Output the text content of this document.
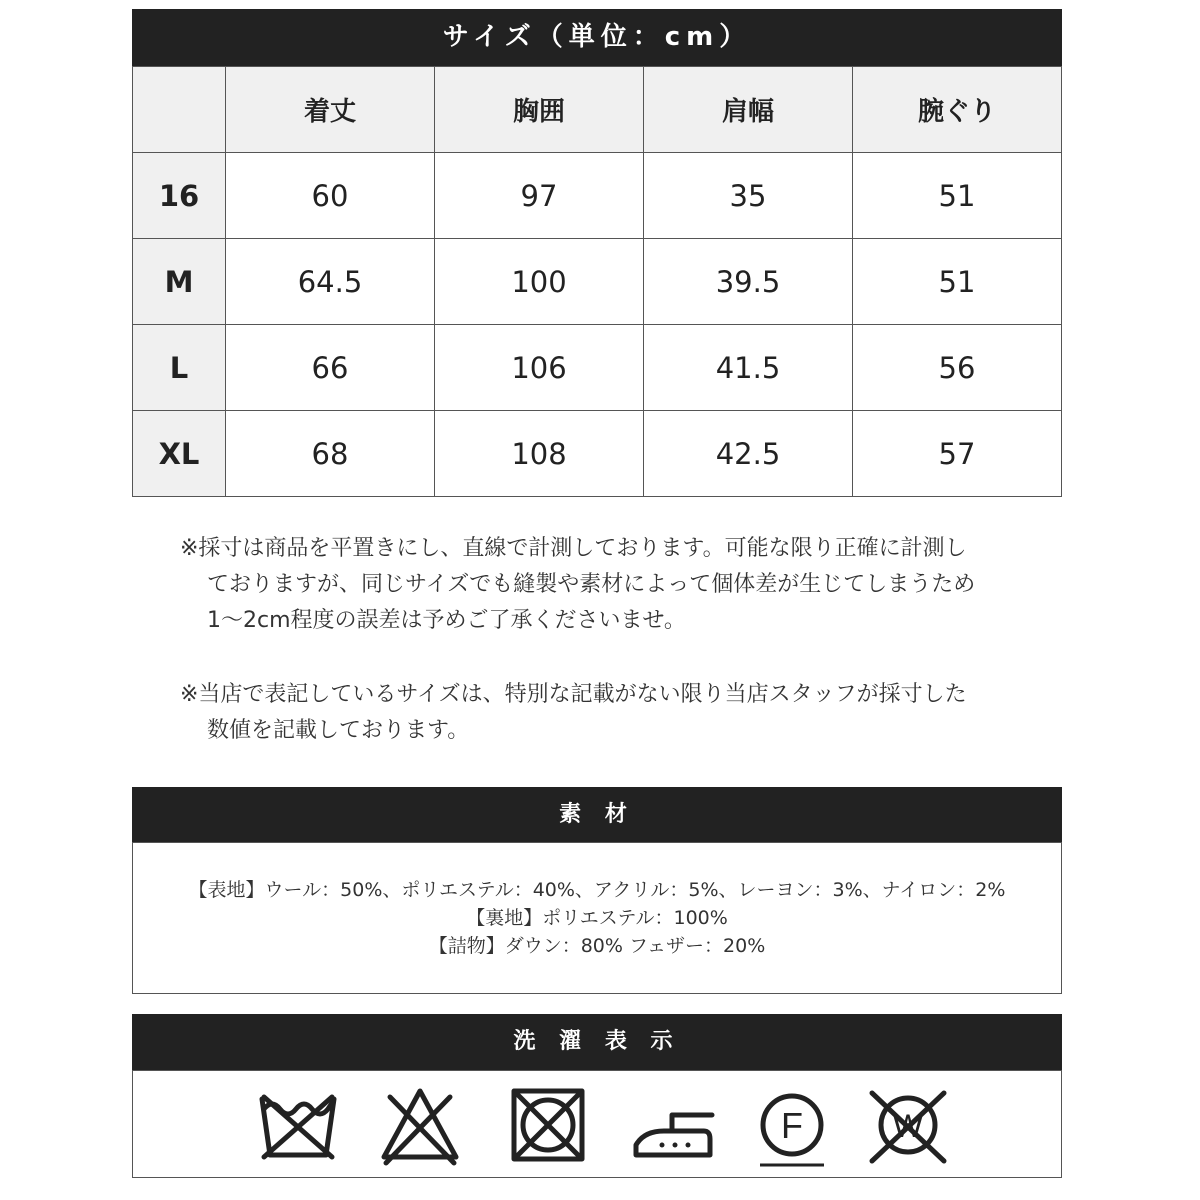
サイズ（単位：cm）
	着丈	胸囲	肩幅	腕ぐり
16	60	97	35	51
M	64.5	100	39.5	51
L	66	106	41.5	56
XL	68	108	42.5	57
※採寸は商品を平置きにし、直線で計測しております。可能な限り正確に計測し
ておりますが、同じサイズでも縫製や素材によって個体差が生じてしまうため
1〜2cm程度の誤差は予めご了承くださいませ。
※当店で表記しているサイズは、特別な記載がない限り当店スタッフが採寸した
数値を記載しております。
素 材
【表地】ウール：50%、ポリエステル：40%、アクリル：5%、レーヨン：3%、ナイロン：2%
【裏地】ポリエステル：100%
【詰物】ダウン：80% フェザー：20%
洗 濯 表 示
F	W
